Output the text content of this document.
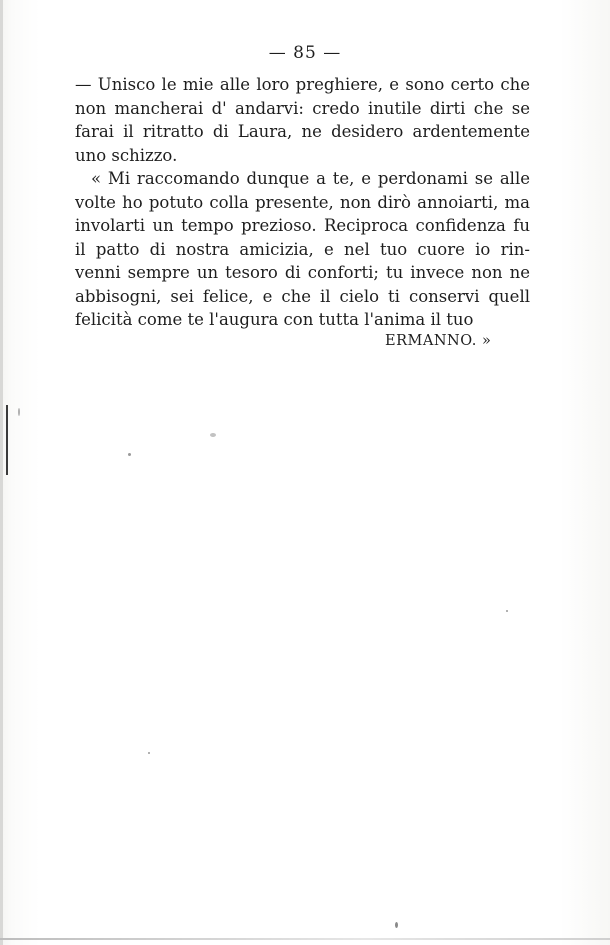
— 85 —
— Unisco le mie alle loro preghiere, e sono certo che
non mancherai d' andarvi: credo inutile dirti che se
farai il ritratto di Laura, ne desidero ardentemente
uno schizzo.
« Mi raccomando dunque a te, e perdonami se alle
volte ho potuto colla presente, non dirò annoiarti, ma
involarti un tempo prezioso. Reciproca confidenza fu
il patto di nostra amicizia, e nel tuo cuore io rin-
venni sempre un tesoro di conforti; tu invece non ne
abbisogni, sei felice, e che il cielo ti conservi quell
felicità come te l'augura con tutta l'anima il tuo
ERMANNO. »
